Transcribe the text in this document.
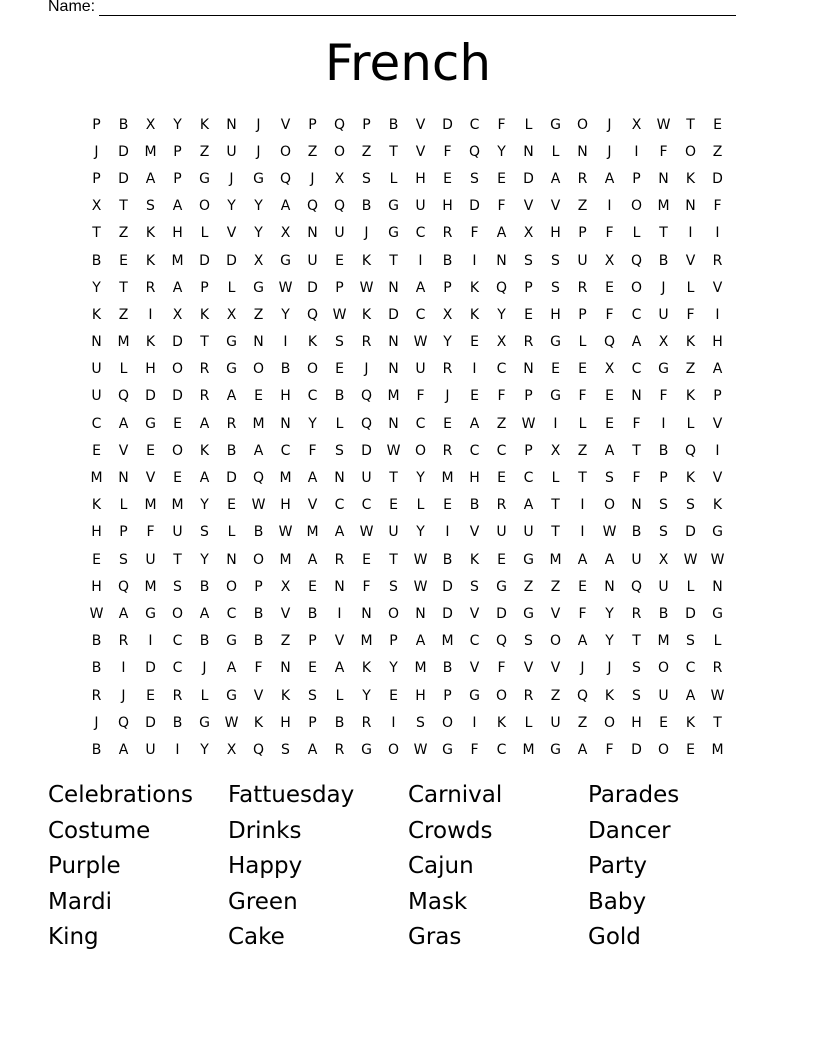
Name:
French
P	B	X	Y	K	N	J	V	P	Q	P	B	V	D	C	F	L	G	O	J	X	W	T	E
J	D	M	P	Z	U	J	O	Z	O	Z	T	V	F	Q	Y	N	L	N	J	I	F	O	Z
P	D	A	P	G	J	G	Q	J	X	S	L	H	E	S	E	D	A	R	A	P	N	K	D
X	T	S	A	O	Y	Y	A	Q	Q	B	G	U	H	D	F	V	V	Z	I	O	M	N	F
T	Z	K	H	L	V	Y	X	N	U	J	G	C	R	F	A	X	H	P	F	L	T	I	I
B	E	K	M	D	D	X	G	U	E	K	T	I	B	I	N	S	S	U	X	Q	B	V	R
Y	T	R	A	P	L	G	W	D	P	W	N	A	P	K	Q	P	S	R	E	O	J	L	V
K	Z	I	X	K	X	Z	Y	Q	W	K	D	C	X	K	Y	E	H	P	F	C	U	F	I
N	M	K	D	T	G	N	I	K	S	R	N	W	Y	E	X	R	G	L	Q	A	X	K	H
U	L	H	O	R	G	O	B	O	E	J	N	U	R	I	C	N	E	E	X	C	G	Z	A
U	Q	D	D	R	A	E	H	C	B	Q	M	F	J	E	F	P	G	F	E	N	F	K	P
C	A	G	E	A	R	M	N	Y	L	Q	N	C	E	A	Z	W	I	L	E	F	I	L	V
E	V	E	O	K	B	A	C	F	S	D	W	O	R	C	C	P	X	Z	A	T	B	Q	I
M	N	V	E	A	D	Q	M	A	N	U	T	Y	M	H	E	C	L	T	S	F	P	K	V
K	L	M	M	Y	E	W	H	V	C	C	E	L	E	B	R	A	T	I	O	N	S	S	K
H	P	F	U	S	L	B	W	M	A	W	U	Y	I	V	U	U	T	I	W	B	S	D	G
E	S	U	T	Y	N	O	M	A	R	E	T	W	B	K	E	G	M	A	A	U	X	W W
H	Q	M	S	B	O	P	X	E	N	F	S	W	D	S	G	Z	Z	E	N	Q	U	L	N
W	A	G	O	A	C	B	V	B	I	N	O	N	D	V	D	G	V	F	Y	R	B	D	G
B	R	I	C	B	G	B	Z	P	V	M	P	A	M	C	Q	S	O	A	Y	T	M	S	L
B	I	D	C	J	A	F	N	E	A	K	Y	M	B	V	F	V	V	J	J	S	O	C	R
R	J	E	R	L	G	V	K	S	L	Y	E	H	P	G	O	R	Z	Q	K	S	U	A	W
J	Q	D	B	G	W	K	H	P	B	R	I	S	O	I	K	L	U	Z	O	H	E	K	T
B	A	U	I	Y	X	Q	S	A	R	G	O	W	G	F	C	M	G	A	F	D	O	E	M
Celebrations	Fattuesday	Carnival	Parades
Costume	Drinks	Crowds	Dancer
Purple	Happy	Cajun	Party
Mardi	Green	Mask	Baby
King	Cake	Gras	Gold
